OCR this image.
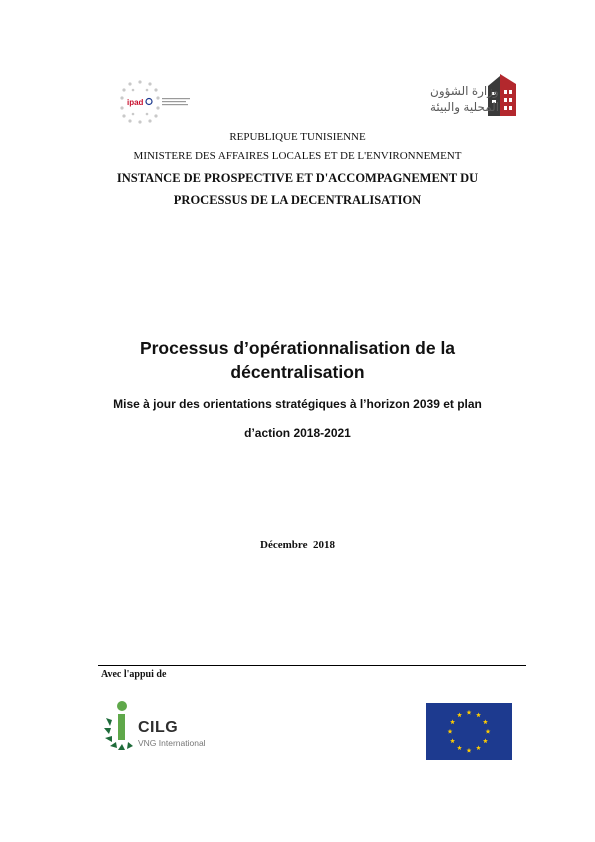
ipad
وزارة الشؤون
المحلية والبيئة
REPUBLIQUE TUNISIENNE
MINISTERE DES AFFAIRES LOCALES ET DE L'ENVIRONNEMENT
INSTANCE DE PROSPECTIVE ET D'ACCOMPAGNEMENT DU
PROCESSUS DE LA DECENTRALISATION
Processus d’opérationnalisation de la
décentralisation
Mise à jour des orientations stratégiques à l’horizon 2039 et plan
d’action 2018-2021
Décembre  2018
Avec l'appui de
CILG
VNG International
